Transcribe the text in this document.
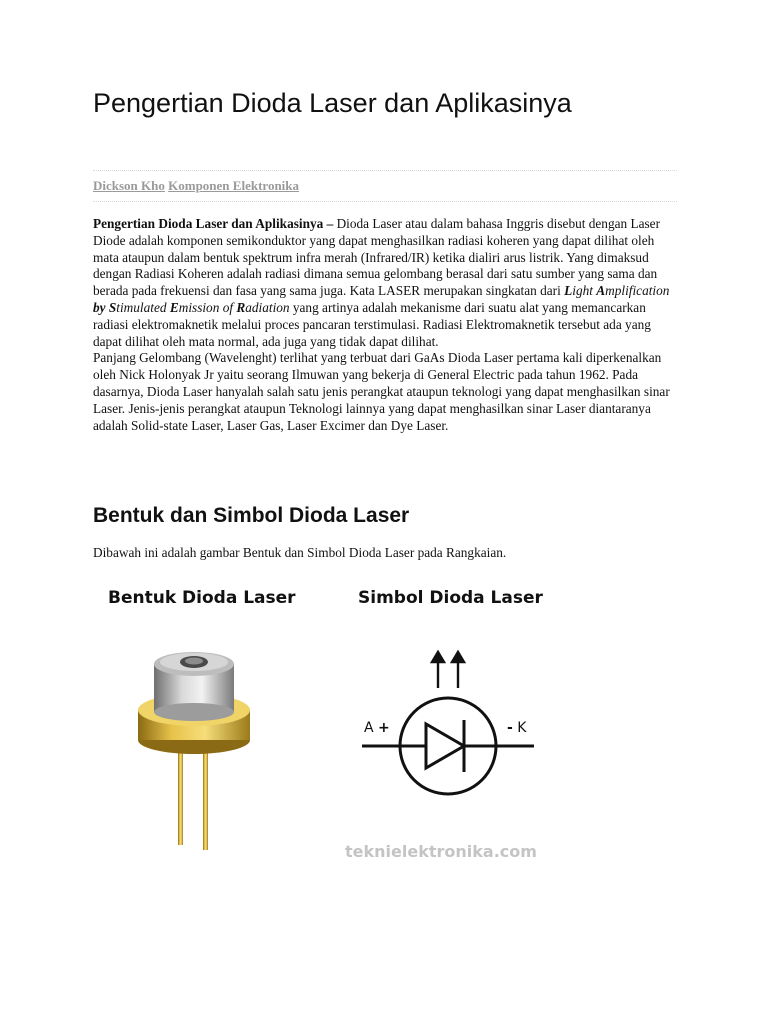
Pengertian Dioda Laser dan Aplikasinya
Dickson Kho Komponen Elektronika

Pengertian Dioda Laser dan Aplikasinya – Dioda Laser atau dalam bahasa Inggris disebut dengan Laser Diode adalah komponen semikonduktor yang dapat menghasilkan radiasi koheren yang dapat dilihat oleh mata ataupun dalam bentuk spektrum infra merah (Infrared/IR) ketika dialiri arus listrik. Yang dimaksud dengan Radiasi Koheren adalah radiasi dimana semua gelombang berasal dari satu sumber yang sama dan berada pada frekuensi dan fasa yang sama juga. Kata LASER merupakan singkatan dari Light Amplification by Stimulated Emission of Radiation yang artinya adalah mekanisme dari suatu alat yang memancarkan radiasi elektromaknetik melalui proces pancaran terstimulasi. Radiasi Elektromaknetik tersebut ada yang dapat dilihat oleh mata normal, ada juga yang tidak dapat dilihat.

Panjang Gelombang (Wavelenght) terlihat yang terbuat dari GaAs Dioda Laser pertama kali diperkenalkan oleh Nick Holonyak Jr yaitu seorang Ilmuwan yang bekerja di General Electric pada tahun 1962. Pada dasarnya, Dioda Laser hanyalah salah satu jenis perangkat ataupun teknologi yang dapat menghasilkan sinar Laser. Jenis-jenis perangkat ataupun Teknologi lainnya yang dapat menghasilkan sinar Laser diantaranya adalah Solid-state Laser, Laser Gas, Laser Excimer dan Dye Laser.

Bentuk dan Simbol Dioda Laser

Dibawah ini adalah gambar Bentuk dan Simbol Dioda Laser pada Rangkaian.

Bentuk Dioda Laser	Simbol Dioda Laser
A +	- K
teknielektronika.com
